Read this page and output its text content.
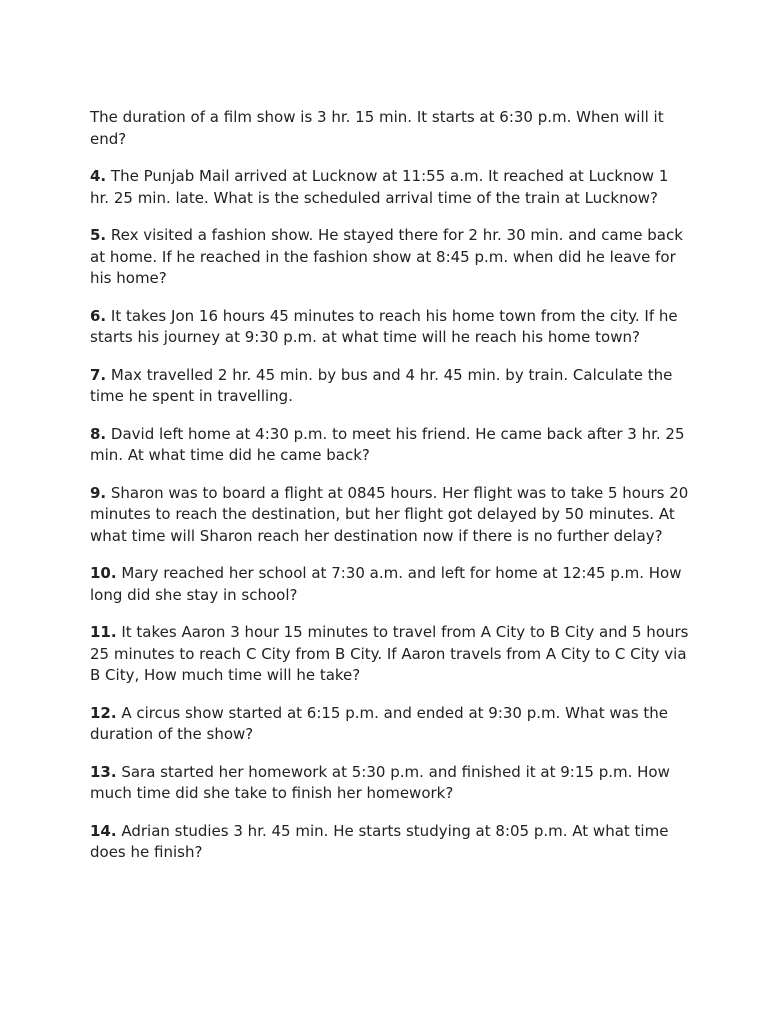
The duration of a film show is 3 hr. 15 min. It starts at 6:30 p.m. When will it end?

4. The Punjab Mail arrived at Lucknow at 11:55 a.m. It reached at Lucknow 1 hr. 25 min. late. What is the scheduled arrival time of the train at Lucknow?

5. Rex visited a fashion show. He stayed there for 2 hr. 30 min. and came back at home. If he reached in the fashion show at 8:45 p.m. when did he leave for his home?

6. It takes Jon 16 hours 45 minutes to reach his home town from the city. If he starts his journey at 9:30 p.m. at what time will he reach his home town?

7. Max travelled 2 hr. 45 min. by bus and 4 hr. 45 min. by train. Calculate the time he spent in travelling.

8. David left home at 4:30 p.m. to meet his friend. He came back after 3 hr. 25 min. At what time did he came back?

9. Sharon was to board a flight at 0845 hours. Her flight was to take 5 hours 20 minutes to reach the destination, but her flight got delayed by 50 minutes. At what time will Sharon reach her destination now if there is no further delay?

10. Mary reached her school at 7:30 a.m. and left for home at 12:45 p.m. How long did she stay in school?

11. It takes Aaron 3 hour 15 minutes to travel from A City to B City and 5 hours 25 minutes to reach C City from B City. If Aaron travels from A City to C City via B City, How much time will he take?

12. A circus show started at 6:15 p.m. and ended at 9:30 p.m. What was the duration of the show?

13. Sara started her homework at 5:30 p.m. and finished it at 9:15 p.m. How much time did she take to finish her homework?

14. Adrian studies 3 hr. 45 min. He starts studying at 8:05 p.m. At what time does he finish?
